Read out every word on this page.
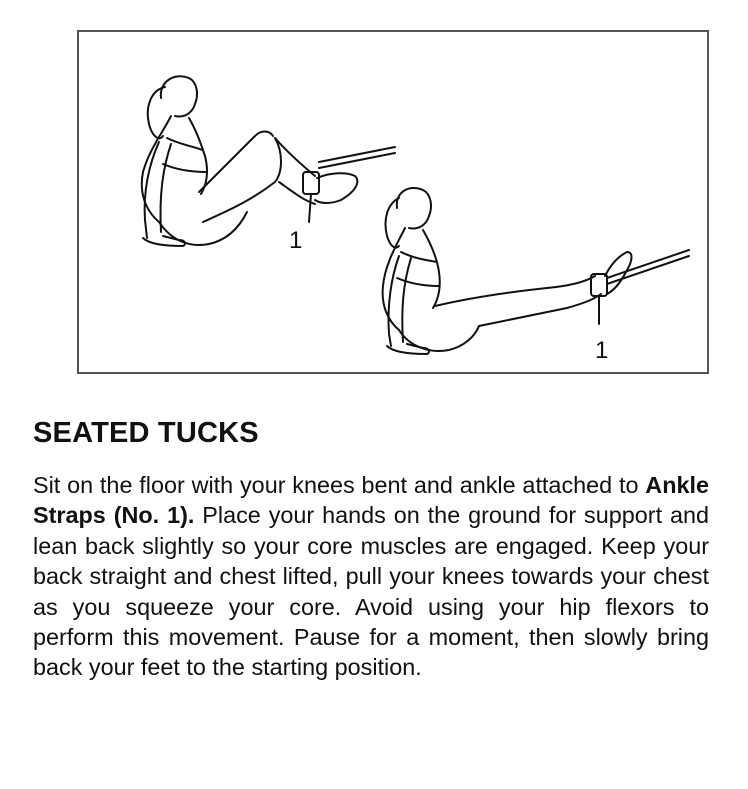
1
1
SEATED TUCKS

Sit on the floor with your knees bent and ankle attached to Ankle Straps (No. 1). Place your hands on the ground for support and lean back slightly so your core muscles are engaged. Keep your back straight and chest lifted, pull your knees towards your chest as you squeeze your core. Avoid using your hip flexors to perform this movement. Pause for a moment, then slowly bring back your feet to the starting position.
